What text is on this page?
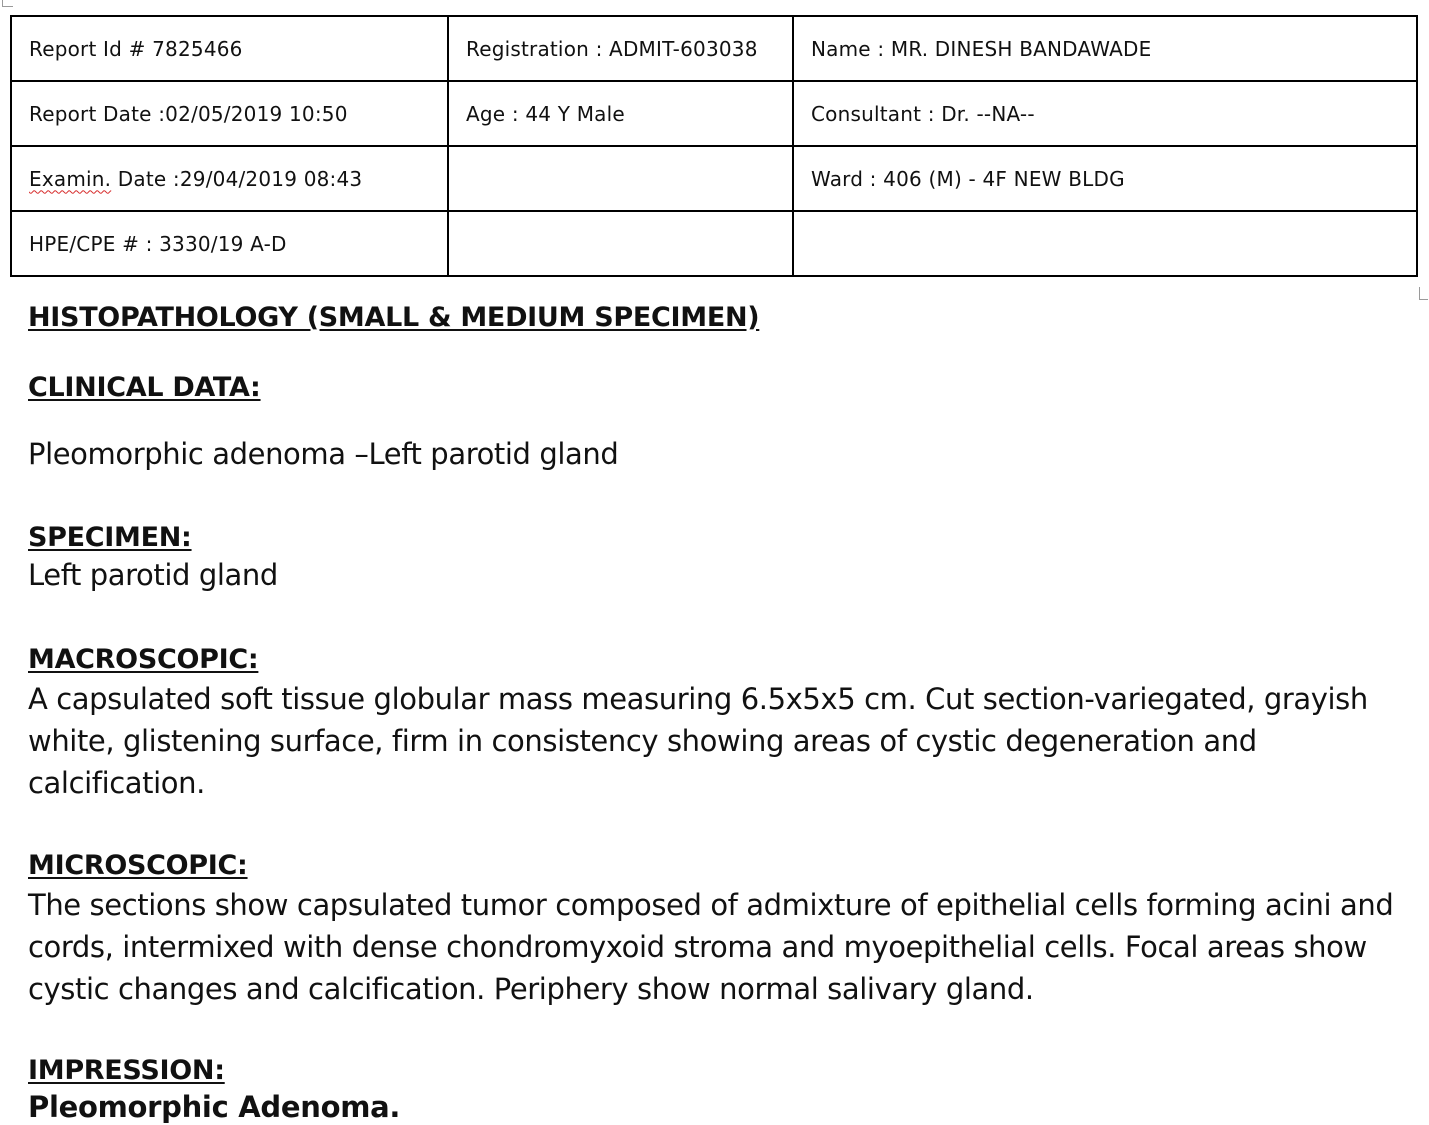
Report Id # 7825466	Registration : ADMIT-603038	Name : MR. DINESH BANDAWADE
Report Date :02/05/2019 10:50	Age : 44 Y Male	Consultant : Dr. --NA--
Examin. Date :29/04/2019 08:43		Ward : 406 (M) - 4F NEW BLDG
HPE/CPE # : 3330/19 A-D		
HISTOPATHOLOGY (SMALL & MEDIUM SPECIMEN)
CLINICAL DATA:
Pleomorphic adenoma –Left parotid gland
SPECIMEN:
Left parotid gland
MACROSCOPIC:
A capsulated soft tissue globular mass measuring 6.5x5x5 cm. Cut section-variegated, grayish white, glistening surface, firm in consistency showing areas of cystic degeneration and calcification.
MICROSCOPIC:
The sections show capsulated tumor composed of admixture of epithelial cells forming acini and cords, intermixed with dense chondromyxoid stroma and myoepithelial cells. Focal areas show cystic changes and calcification. Periphery show normal salivary gland.
IMPRESSION:
Pleomorphic Adenoma.
